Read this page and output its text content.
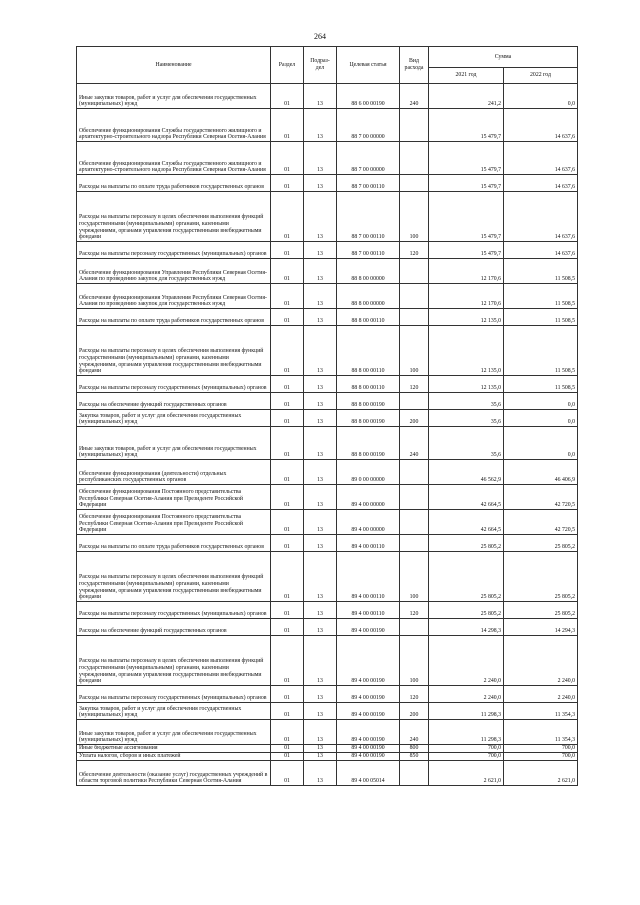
264
Наименование	Раздел	Подраз-
дел	Целевая статья	Вид
расхода	Сумма	
					2021 год	2022 год
Иные закупки товаров, работ и услуг для обеспечения государственных (муниципальных) нужд	01	13	88 6 00 00190	240	241,2	0,0
Обеспечение функционирования Службы государственного жилищного и архитектурно-строительного надзора Республики Северная Осетия-Алания	01	13	88 7 00 00000		15 479,7	14 637,6
Обеспечение функционирования Службы государственного жилищного и архитектурно-строительного надзора Республики Северная Осетия-Алания	01	13	88 7 00 00000		15 479,7	14 637,6
Расходы на выплаты по оплате труда работников государственных органов	01	13	88 7 00 00110		15 479,7	14 637,6
Расходы на выплаты персоналу в целях обеспечения выполнения функций государственными (муниципальными) органами, казенными учреждениями, органами управления государственными внебюджетными фондами	01	13	88 7 00 00110	100	15 479,7	14 637,6
Расходы на выплаты персоналу государственных (муниципальных) органов	01	13	88 7 00 00110	120	15 479,7	14 637,6
Обеспечение функционирования Управления Республики Северная Осетия-Алания по проведению закупок для государственных нужд	01	13	88 8 00 00000		12 170,6	11 508,5
Обеспечение функционирования Управления Республики Северная Осетия-Алания по проведению закупок для государственных нужд	01	13	88 8 00 00000		12 170,6	11 508,5
Расходы на выплаты по оплате труда работников государственных органов	01	13	88 8 00 00110		12 135,0	11 508,5
Расходы на выплаты персоналу в целях обеспечения выполнения функций государственными (муниципальными) органами, казенными учреждениями, органами управления государственными внебюджетными фондами	01	13	88 8 00 00110	100	12 135,0	11 508,5
Расходы на выплаты персоналу государственных (муниципальных) органов	01	13	88 8 00 00110	120	12 135,0	11 508,5
Расходы на обеспечение функций государственных органов	01	13	88 8 00 00190		35,6	0,0
Закупка товаров, работ и услуг для обеспечения государственных (муниципальных) нужд	01	13	88 8 00 00190	200	35,6	0,0
Иные закупки товаров, работ и услуг для обеспечения государственных (муниципальных) нужд	01	13	88 8 00 00190	240	35,6	0,0
Обеспечение функционирования (деятельности) отдельных республиканских государственных органов	01	13	89 0 00 00000		46 562,9	46 406,9
Обеспечение функционирования Постоянного представительства Республики Северная Осетия-Алания при Президенте Российской Федерации	01	13	89 4 00 00000		42 664,5	42 720,5
Обеспечение функционирования Постоянного представительства Республики Северная Осетия-Алания при Президенте Российской Федерации	01	13	89 4 00 00000		42 664,5	42 720,5
Расходы на выплаты по оплате труда работников государственных органов	01	13	89 4 00 00110		25 805,2	25 805,2
Расходы на выплаты персоналу в целях обеспечения выполнения функций государственными (муниципальными) органами, казенными учреждениями, органами управления государственными внебюджетными фондами	01	13	89 4 00 00110	100	25 805,2	25 805,2
Расходы на выплаты персоналу государственных (муниципальных) органов	01	13	89 4 00 00110	120	25 805,2	25 805,2
Расходы на обеспечение функций государственных органов	01	13	89 4 00 00190		14 298,3	14 294,3
Расходы на выплаты персоналу в целях обеспечения выполнения функций государственными (муниципальными) органами, казенными учреждениями, органами управления государственными внебюджетными фондами	01	13	89 4 00 00190	100	2 240,0	2 240,0
Расходы на выплаты персоналу государственных (муниципальных) органов	01	13	89 4 00 00190	120	2 240,0	2 240,0
Закупка товаров, работ и услуг для обеспечения государственных (муниципальных) нужд	01	13	89 4 00 00190	200	11 298,3	11 354,3
Иные закупки товаров, работ и услуг для обеспечения государственных (муниципальных) нужд	01	13	89 4 00 00190	240	11 298,3	11 354,3
Иные бюджетные ассигнования	01	13	89 4 00 00190	800	700,0	700,0
Уплата налогов, сборов и иных платежей	01	13	89 4 00 00190	850	700,0	700,0
Обеспечение деятельности (оказание услуг) государственных учреждений в области торговой политики Республики Северная Осетия-Алания	01	13	89 4 00 05014		2 621,0	2 621,0
